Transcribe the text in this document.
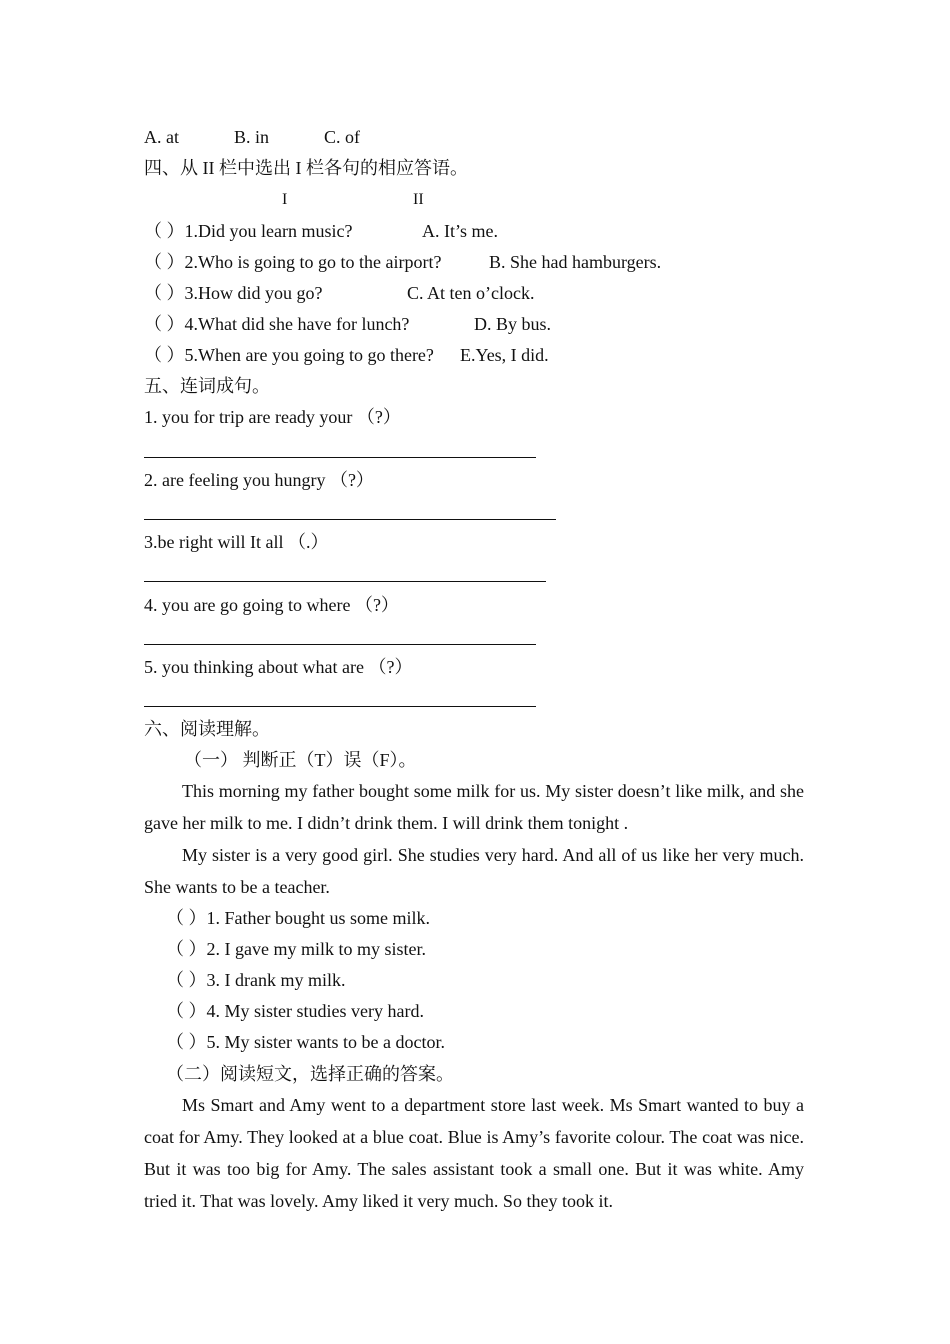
A. at	B. in	C. of
四、从 II 栏中选出 I 栏各句的相应答语。
I	II
（ ）1.Did you learn music?	A. It’s me.
（ ）2.Who is going to go to the airport?	B. She had hamburgers.
（ ）3.How did you go?	C. At ten o’clock.
（ ）4.What did she have for lunch?	D. By bus.
（ ）5.When are you going to go there? E.Yes, I did.
五、连词成句。
1. you for trip are ready your （?）
2. are feeling you hungry （?）
3.be right will It all （.）
4. you are go going to where （?）
5. you thinking about what are （?）
六、阅读理解。
（一） 判断正（T）误（F）。
This morning my father bought some milk for us. My sister doesn’t like milk, and she gave her milk to me. I didn’t drink them. I will drink them tonight .
My sister is a very good girl. She studies very hard. And all of us like her very much. She wants to be a teacher.
（ ）1. Father bought us some milk.
（ ）2. I gave my milk to my sister.
（ ）3. I drank my milk.
（ ）4. My sister studies very hard.
（ ）5. My sister wants to be a doctor.
（二）阅读短文，选择正确的答案。
Ms Smart and Amy went to a department store last week. Ms Smart wanted to buy a coat for Amy. They looked at a blue coat. Blue is Amy’s favorite colour. The coat was nice. But it was too big for Amy. The sales assistant took a small one. But it was white. Amy tried it. That was lovely. Amy liked it very much. So they took it.
